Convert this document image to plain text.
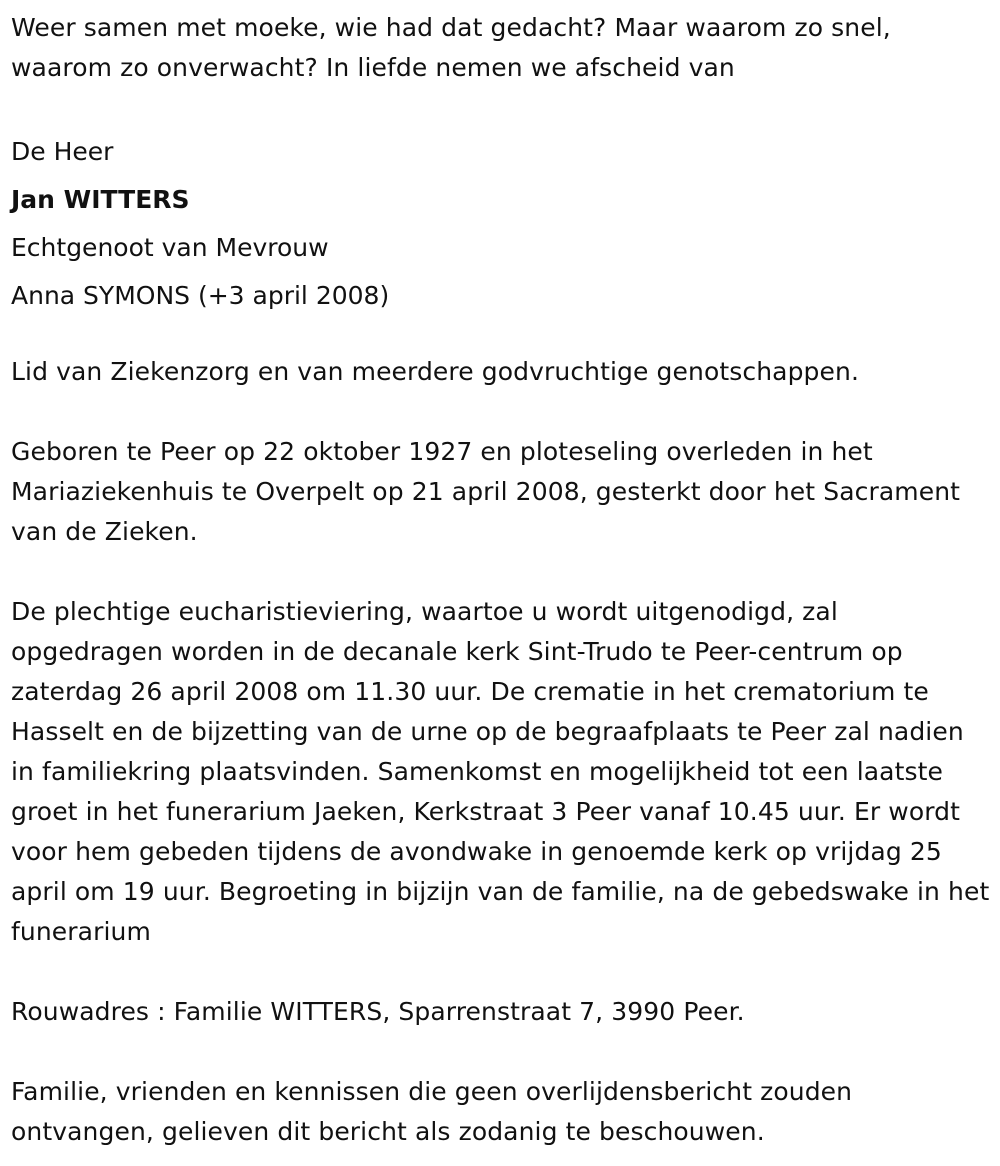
Weer samen met moeke, wie had dat gedacht? Maar waarom zo snel, waarom zo onverwacht? In liefde nemen we afscheid van

De Heer

Jan WITTERS

Echtgenoot van Mevrouw

Anna SYMONS (+3 april 2008)

Lid van Ziekenzorg en van meerdere godvruchtige genotschappen.

Geboren te Peer op 22 oktober 1927 en ploteseling overleden in het Mariaziekenhuis te Overpelt op 21 april 2008, gesterkt door het Sacrament van de Zieken.

De plechtige eucharistieviering, waartoe u wordt uitgenodigd, zal opgedragen worden in de decanale kerk Sint-Trudo te Peer-centrum op zaterdag 26 april 2008 om 11.30 uur. De crematie in het crematorium te Hasselt en de bijzetting van de urne op de begraafplaats te Peer zal nadien in familiekring plaatsvinden. Samenkomst en mogelijkheid tot een laatste groet in het funerarium Jaeken, Kerkstraat 3 Peer vanaf 10.45 uur. Er wordt voor hem gebeden tijdens de avondwake in genoemde kerk op vrijdag 25 april om 19 uur. Begroeting in bijzijn van de familie, na de gebedswake in het funerarium

Rouwadres : Familie WITTERS, Sparrenstraat 7, 3990 Peer.

Familie, vrienden en kennissen die geen overlijdensbericht zouden ontvangen, gelieven dit bericht als zodanig te beschouwen.
